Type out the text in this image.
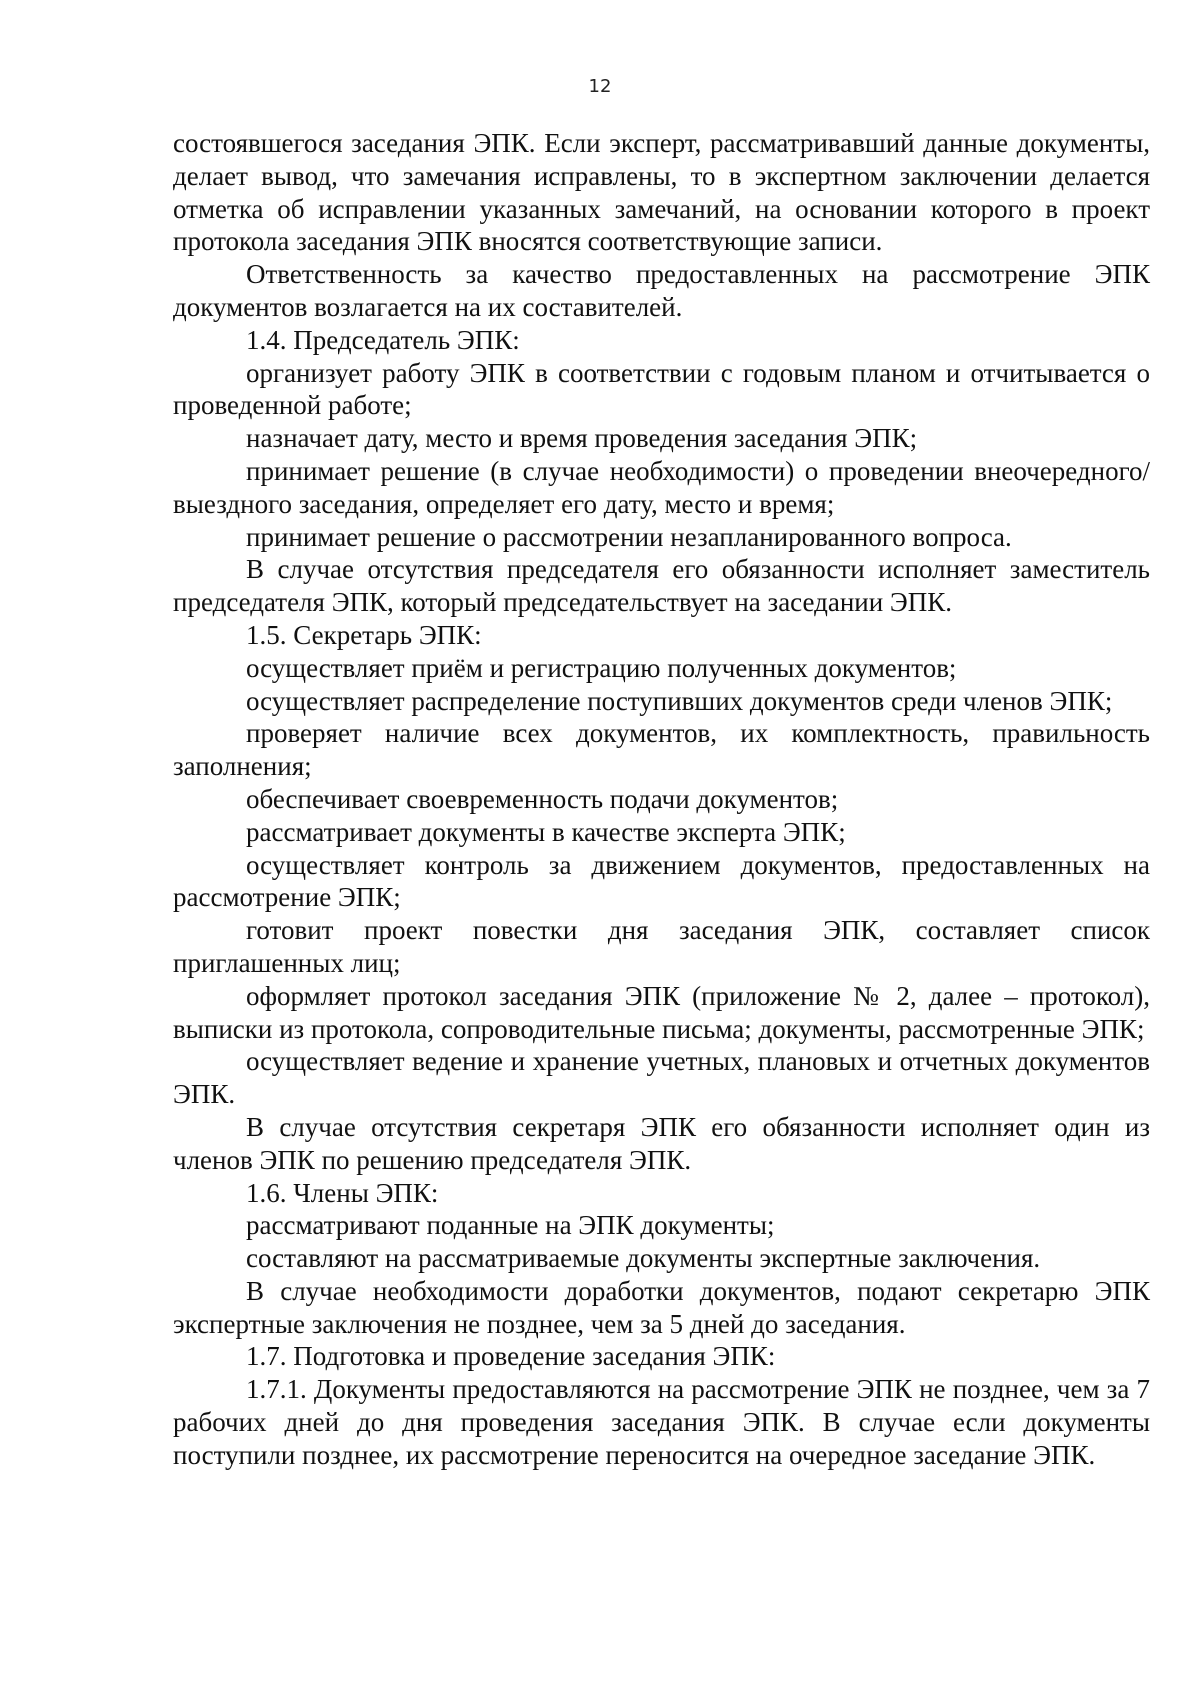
12

состоявшегося заседания ЭПК. Если эксперт, рассматривавший данные документы, делает вывод, что замечания исправлены, то в экспертном заключении делается отметка об исправлении указанных замечаний, на основании которого в проект протокола заседания ЭПК вносятся соответствующие записи.

Ответственность за качество предоставленных на рассмотрение ЭПК документов возлагается на их составителей.

1.4. Председатель ЭПК:

организует работу ЭПК в соответствии с годовым планом и отчитывается о проведенной работе;

назначает дату, место и время проведения заседания ЭПК;

принимает решение (в случае необходимости) о проведении внеочередного/выездного заседания, определяет его дату, место и время;

принимает решение о рассмотрении незапланированного вопроса.

В случае отсутствия председателя его обязанности исполняет заместитель председателя ЭПК, который председательствует на заседании ЭПК.

1.5. Секретарь ЭПК:

осуществляет приём и регистрацию полученных документов;

осуществляет распределение поступивших документов среди членов ЭПК;

проверяет наличие всех документов, их комплектность, правильность заполнения;

обеспечивает своевременность подачи документов;

рассматривает документы в качестве эксперта ЭПК;

осуществляет контроль за движением документов, предоставленных на рассмотрение ЭПК;

готовит проект повестки дня заседания ЭПК, составляет список приглашенных лиц;

оформляет протокол заседания ЭПК (приложение № 2, далее – протокол), выписки из протокола, сопроводительные письма; документы, рассмотренные ЭПК;

осуществляет ведение и хранение учетных, плановых и отчетных документов ЭПК.

В случае отсутствия секретаря ЭПК его обязанности исполняет один из членов ЭПК по решению председателя ЭПК.

1.6. Члены ЭПК:

рассматривают поданные на ЭПК документы;

составляют на рассматриваемые документы экспертные заключения.

В случае необходимости доработки документов, подают секретарю ЭПК экспертные заключения не позднее, чем за 5 дней до заседания.

1.7. Подготовка и проведение заседания ЭПК:

1.7.1. Документы предоставляются на рассмотрение ЭПК не позднее, чем за 7 рабочих дней до дня проведения заседания ЭПК. В случае если документы поступили позднее, их рассмотрение переносится на очередное заседание ЭПК.
